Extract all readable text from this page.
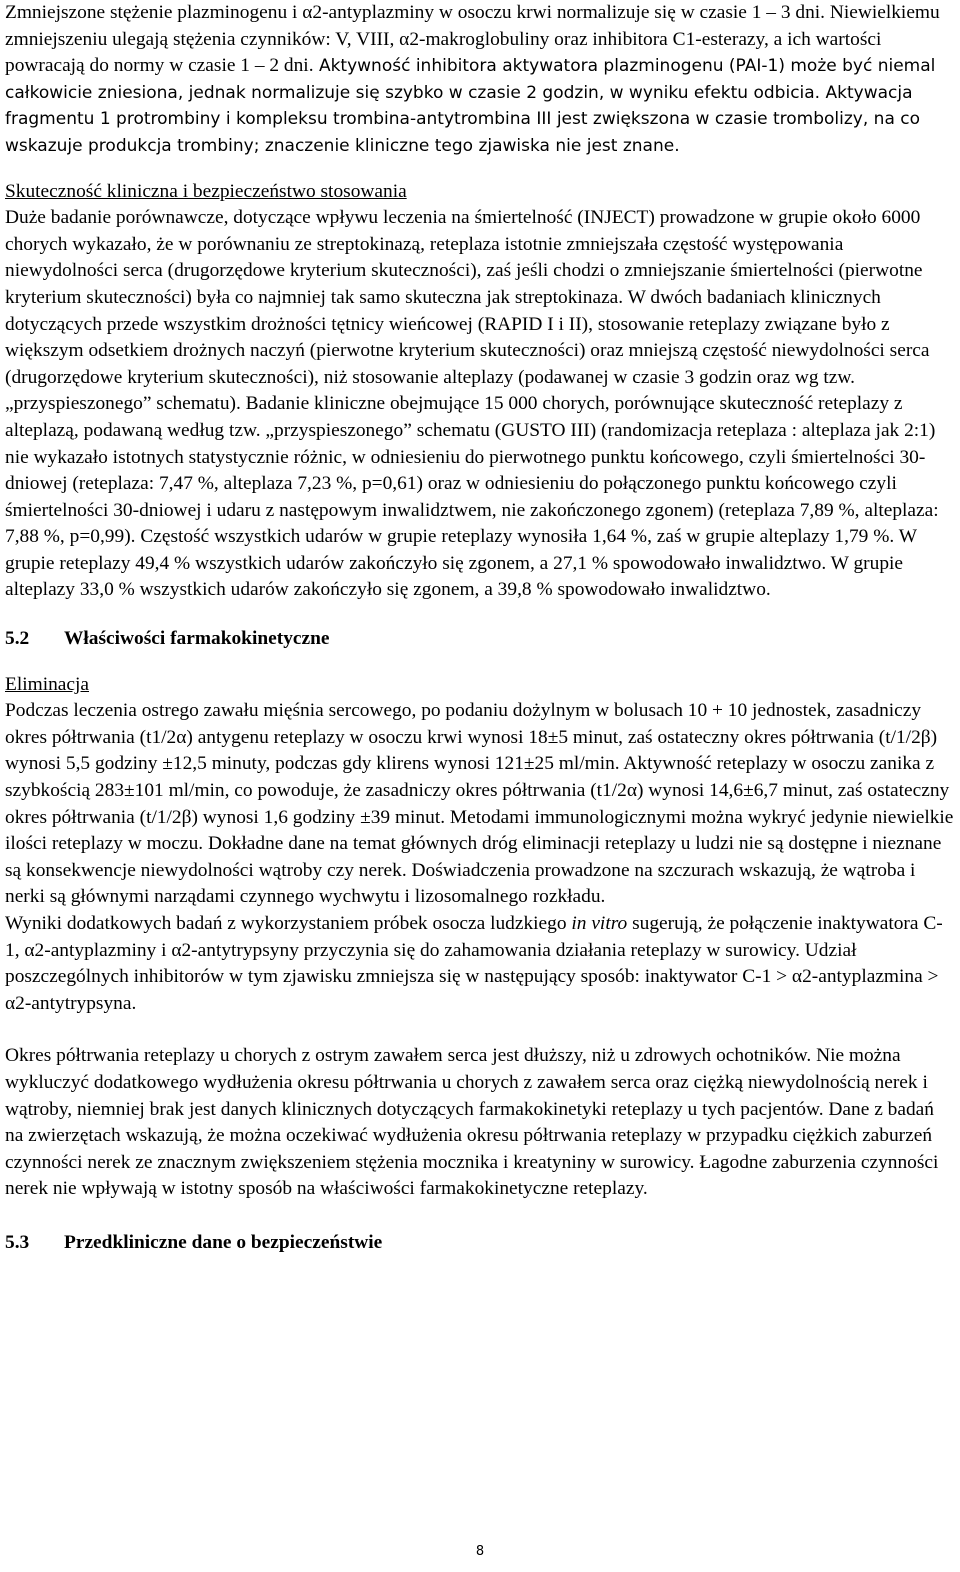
Zmniejszone stężenie plazminogenu i α2-antyplazminy w osoczu krwi normalizuje się w czasie 1 – 3 dni. Niewielkiemu zmniejszeniu ulegają stężenia czynników: V, VIII, α2-makroglobuliny oraz inhibitora C1-esterazy, a ich wartości powracają do normy w czasie 1 – 2 dni. Aktywność inhibitora aktywatora plazminogenu (PAI-1) może być niemal całkowicie zniesiona, jednak normalizuje się szybko w czasie 2 godzin, w wyniku efektu odbicia. Aktywacja fragmentu 1 protrombiny i kompleksu trombina-antytrombina III jest zwiększona w czasie trombolizy, na co wskazuje produkcja trombiny; znaczenie kliniczne tego zjawiska nie jest znane.

Skuteczność kliniczna i bezpieczeństwo stosowania

Duże badanie porównawcze, dotyczące wpływu leczenia na śmiertelność (INJECT) prowadzone w grupie około 6000 chorych wykazało, że w porównaniu ze streptokinazą, reteplaza istotnie zmniejszała częstość występowania niewydolności serca (drugorzędowe kryterium skuteczności), zaś jeśli chodzi o zmniejszanie śmiertelności (pierwotne kryterium skuteczności) była co najmniej tak samo skuteczna jak streptokinaza. W dwóch badaniach klinicznych dotyczących przede wszystkim drożności tętnicy wieńcowej (RAPID I i II), stosowanie reteplazy związane było z większym odsetkiem drożnych naczyń (pierwotne kryterium skuteczności) oraz mniejszą częstość niewydolności serca (drugorzędowe kryterium skuteczności), niż stosowanie alteplazy (podawanej w czasie 3 godzin oraz wg tzw. „przyspieszonego” schematu). Badanie kliniczne obejmujące 15 000 chorych, porównujące skuteczność reteplazy z alteplazą, podawaną według tzw. „przyspieszonego” schematu (GUSTO III) (randomizacja reteplaza : alteplaza jak 2:1) nie wykazało istotnych statystycznie różnic, w odniesieniu do pierwotnego punktu końcowego, czyli śmiertelności 30-dniowej (reteplaza: 7,47 %, alteplaza 7,23 %, p=0,61) oraz w odniesieniu do połączonego punktu końcowego czyli śmiertelności 30-dniowej i udaru z następowym inwalidztwem, nie zakończonego zgonem) (reteplaza 7,89 %, alteplaza: 7,88 %, p=0,99). Częstość wszystkich udarów w grupie reteplazy wynosiła 1,64 %, zaś w grupie alteplazy 1,79 %. W grupie reteplazy 49,4 % wszystkich udarów zakończyło się zgonem, a 27,1 % spowodowało inwalidztwo. W grupie alteplazy 33,0 % wszystkich udarów zakończyło się zgonem, a 39,8 % spowodowało inwalidztwo.

5.2 Właściwości farmakokinetyczne

Eliminacja

Podczas leczenia ostrego zawału mięśnia sercowego, po podaniu dożylnym w bolusach 10 + 10 jednostek, zasadniczy okres półtrwania (t1/2α) antygenu reteplazy w osoczu krwi wynosi 18±5 minut, zaś ostateczny okres półtrwania (t/1/2β) wynosi 5,5 godziny ±12,5 minuty, podczas gdy klirens wynosi 121±25 ml/min. Aktywność reteplazy w osoczu zanika z szybkością 283±101 ml/min, co powoduje, że zasadniczy okres półtrwania (t1/2α) wynosi 14,6±6,7 minut, zaś ostateczny okres półtrwania (t/1/2β) wynosi 1,6 godziny ±39 minut. Metodami immunologicznymi można wykryć jedynie niewielkie ilości reteplazy w moczu. Dokładne dane na temat głównych dróg eliminacji reteplazy u ludzi nie są dostępne i nieznane są konsekwencje niewydolności wątroby czy nerek. Doświadczenia prowadzone na szczurach wskazują, że wątroba i nerki są głównymi narządami czynnego wychwytu i lizosomalnego rozkładu.

Wyniki dodatkowych badań z wykorzystaniem próbek osocza ludzkiego in vitro sugerują, że połączenie inaktywatora C-1, α2-antyplazminy i α2-antytrypsyny przyczynia się do zahamowania działania reteplazy w surowicy. Udział poszczególnych inhibitorów w tym zjawisku zmniejsza się w następujący sposób: inaktywator C-1 > α2-antyplazmina > α2-antytrypsyna.

Okres półtrwania reteplazy u chorych z ostrym zawałem serca jest dłuższy, niż u zdrowych ochotników. Nie można wykluczyć dodatkowego wydłużenia okresu półtrwania u chorych z zawałem serca oraz ciężką niewydolnością nerek i wątroby, niemniej brak jest danych klinicznych dotyczących farmakokinetyki reteplazy u tych pacjentów. Dane z badań na zwierzętach wskazują, że można oczekiwać wydłużenia okresu półtrwania reteplazy w przypadku ciężkich zaburzeń czynności nerek ze znacznym zwiększeniem stężenia mocznika i kreatyniny w surowicy. Łagodne zaburzenia czynności nerek nie wpływają w istotny sposób na właściwości farmakokinetyczne reteplazy.

5.3 Przedkliniczne dane o bezpieczeństwie

8
